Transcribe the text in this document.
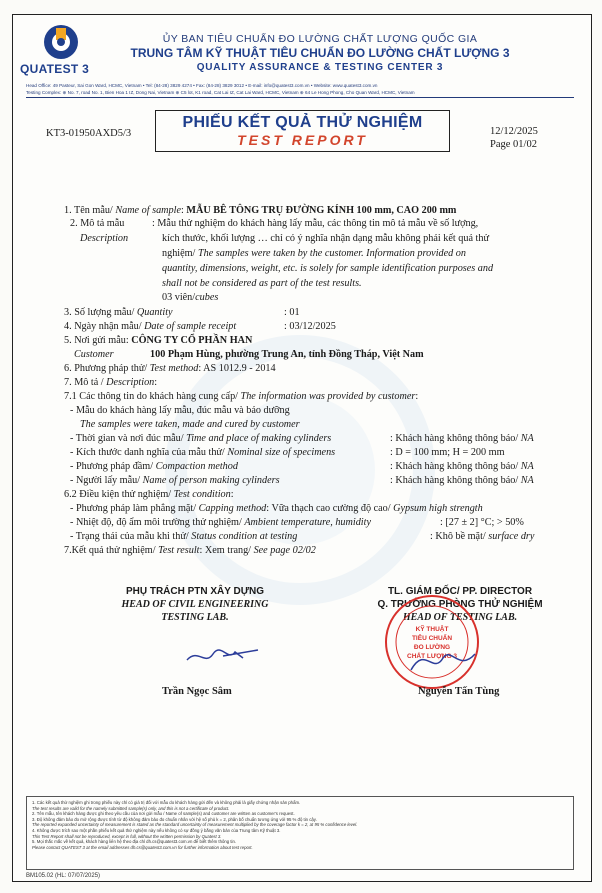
QUATEST 3
ỦY BAN TIÊU CHUẨN ĐO LƯỜNG CHẤT LƯỢNG QUỐC GIA
TRUNG TÂM KỸ THUẬT TIÊU CHUẨN ĐO LƯỜNG CHẤT LƯỢNG 3
QUALITY ASSURANCE & TESTING CENTER 3
Head Office: 49 Pasteur, Sai Gon Ward, HCMC, Vietnam • Tel: (84-28) 3829 4274 • Fax: (84-28) 3829 3012 • E-mail: info@quatest3.com.vn • Website: www.quatest3.com.vn
Testing Complex: ⊕ No. 7, road No. 1, Bien Hoa 1 IZ, Dong Nai, Vietnam ⊕ C5 lot, K1 road, Cat Lai IZ, Cat Lai Ward, HCMC, Vietnam ⊕ 64 Le Hong Phong, Cho Quan Ward, HCMC, Vietnam
KT3-01950AXD5/3
PHIẾU KẾT QUẢ THỬ NGHIỆM
TEST REPORT
12/12/2025
Page 01/02
1. Tên mẫu/ Name of sample: MẪU BÊ TÔNG TRỤ ĐƯỜNG KÍNH 100 mm, CAO 200 mm
2. Mô tả mẫu
Description
: Mẫu thử nghiệm do khách hàng lấy mẫu, các thông tin mô tả mẫu về số lượng,
kích thước, khối lượng … chỉ có ý nghĩa nhận dạng mẫu không phải kết quả thử
nghiệm/ The samples were taken by the customer. Information provided on
quantity, dimensions, weight, etc. is solely for sample identification purposes and
shall not be considered as part of the test results.
03 viên/cubes
3. Số lượng mẫu/ Quantity	: 01
4. Ngày nhận mẫu/ Date of sample receipt	: 03/12/2025
5. Nơi gửi mẫu: CÔNG TY CỔ PHẦN HAN
Customer	100 Phạm Hùng, phường Trung An, tỉnh Đồng Tháp, Việt Nam
6. Phương pháp thử/ Test method: AS 1012.9 - 2014
7. Mô tả / Description:
7.1 Các thông tin do khách hàng cung cấp/ The information was provided by customer:
- Mẫu do khách hàng lấy mẫu, đúc mẫu và bảo dưỡng
The samples were taken, made and cured by customer
- Thời gian và nơi đúc mẫu/ Time and place of making cylinders	: Khách hàng không thông báo/ NA
- Kích thước danh nghĩa của mẫu thử/ Nominal size of specimens	: D = 100 mm; H = 200 mm
- Phương pháp đầm/ Compaction method	: Khách hàng không thông báo/ NA
- Người lấy mẫu/ Name of person making cylinders	: Khách hàng không thông báo/ NA
6.2 Điều kiện thử nghiệm/ Test condition:
- Phương pháp làm phẳng mặt/ Capping method: Vữa thạch cao cường độ cao/ Gypsum high strength
- Nhiệt độ, độ ẩm môi trường thử nghiệm/ Ambient temperature, humidity	: [27 ± 2] °C; > 50%
- Trạng thái của mẫu khi thử/ Status condition at testing	: Khô bề mặt/ surface dry
7.Kết quả thử nghiệm/ Test result: Xem trang/ See page 02/02
PHỤ TRÁCH PTN XÂY DỰNG
HEAD OF CIVIL ENGINEERING
TESTING LAB.
Trần Ngọc Sâm
TL. GIÁM ĐỐC/ PP. DIRECTOR
Q. TRƯỞNG PHÒNG THỬ NGHIỆM
HEAD OF TESTING LAB.
KỸ THUẬT
TIÊU CHUẨN
ĐO LƯỜNG
CHẤT LƯỢNG 3
Nguyễn Tấn Tùng
1. Các kết quả thử nghiệm ghi trong phiếu này chỉ có giá trị đối với mẫu do khách hàng gửi đến và không phải là giấy chứng nhận sản phẩm.
The test results are valid for the namely submitted sample(s) only, and this is not a certificate of product.
2. Tên mẫu, tên khách hàng được ghi theo yêu cầu của nơi gửi mẫu / Name of sample(s) and customer are written as customer's request.
3. Độ không đảm bảo đo mở rộng được tính từ độ không đảm bảo đo chuẩn nhân với hệ số phủ k = 2, phân bố chuẩn tương ứng với 95 % độ tin cậy.
The reported expanded uncertainty of measurement is stated as the standard uncertainty of measurement multiplied by the coverage factor k = 2, at 95 % confidence level.
4. Không được trích sao một phần phiếu kết quả thử nghiệm này nếu không có sự đồng ý bằng văn bản của Trung tâm Kỹ thuật 3.
This Test Report shall not be reproduced, except in full, without the written permission by Quatest 3.
5. Mọi thắc mắc về kết quả, khách hàng liên hệ theo địa chỉ dh.cs@quatest3.com.vn để biết thêm thông tin.
Please contact QUATEST 3 at the email addresses dh.cs@quatest3.com.vn for further information about test report.
BM105.02 (HL: 07/07/2025)
